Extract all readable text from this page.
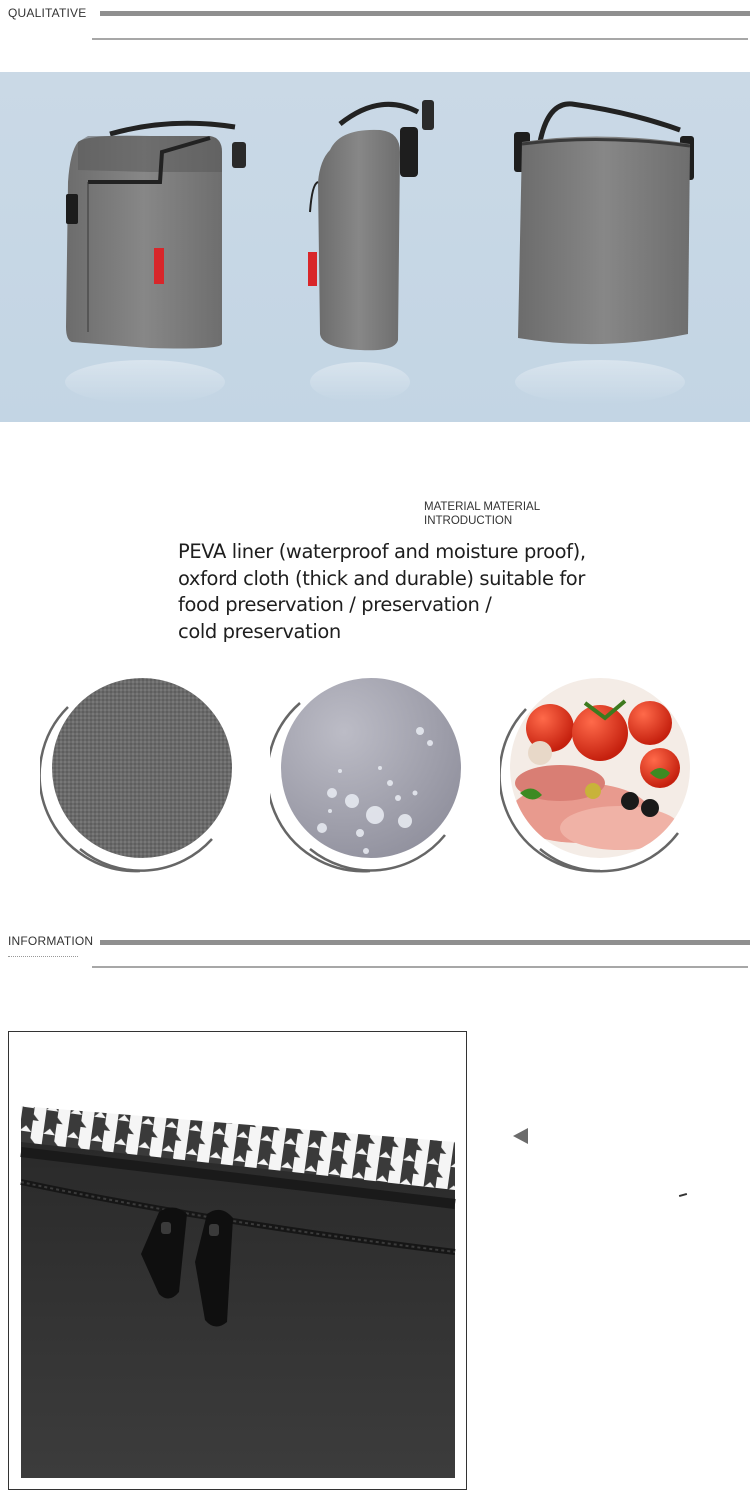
QUALITATIVE
MATERIAL MATERIAL INTRODUCTION
PEVA liner (waterproof and moisture proof),
oxford cloth (thick and durable) suitable for
food preservation / preservation /
cold preservation
INFORMATION
